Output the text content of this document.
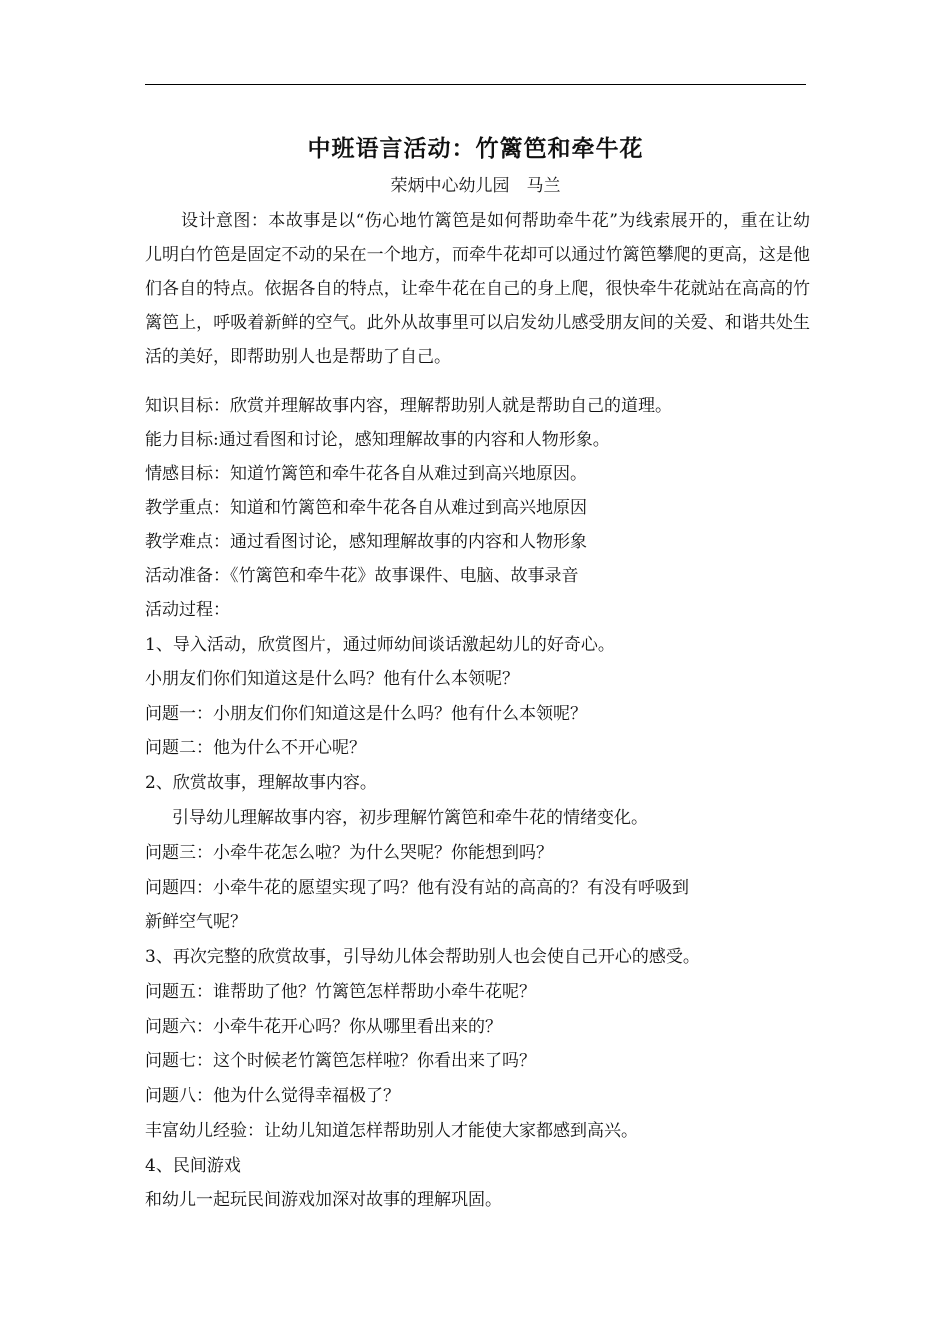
中班语言活动：竹篱笆和牵牛花

荣炳中心幼儿园　马兰

设计意图：本故事是以“伤心地竹篱笆是如何帮助牵牛花”为线索展开的，重在让幼儿明白竹笆是固定不动的呆在一个地方，而牵牛花却可以通过竹篱笆攀爬的更高，这是他们各自的特点。依据各自的特点，让牵牛花在自己的身上爬，很快牵牛花就站在高高的竹篱笆上，呼吸着新鲜的空气。此外从故事里可以启发幼儿感受朋友间的关爱、和谐共处生活的美好，即帮助别人也是帮助了自己。

知识目标：欣赏并理解故事内容，理解帮助别人就是帮助自己的道理。

能力目标:通过看图和讨论，感知理解故事的内容和人物形象。

情感目标：知道竹篱笆和牵牛花各自从难过到高兴地原因。

教学重点：知道和竹篱笆和牵牛花各自从难过到高兴地原因

教学难点：通过看图讨论，感知理解故事的内容和人物形象

活动准备：《竹篱笆和牵牛花》故事课件、电脑、故事录音

活动过程：

1、导入活动，欣赏图片，通过师幼间谈话激起幼儿的好奇心。

小朋友们你们知道这是什么吗？他有什么本领呢？

问题一：小朋友们你们知道这是什么吗？他有什么本领呢？

问题二：他为什么不开心呢？

2、欣赏故事，理解故事内容。

引导幼儿理解故事内容，初步理解竹篱笆和牵牛花的情绪变化。

问题三：小牵牛花怎么啦？为什么哭呢？你能想到吗？

问题四：小牵牛花的愿望实现了吗？他有没有站的高高的？有没有呼吸到

新鲜空气呢？

3、再次完整的欣赏故事，引导幼儿体会帮助别人也会使自己开心的感受。

问题五：谁帮助了他？竹篱笆怎样帮助小牵牛花呢？

问题六：小牵牛花开心吗？你从哪里看出来的？

问题七：这个时候老竹篱笆怎样啦？你看出来了吗？

问题八：他为什么觉得幸福极了？

丰富幼儿经验：让幼儿知道怎样帮助别人才能使大家都感到高兴。

4、民间游戏

和幼儿一起玩民间游戏加深对故事的理解巩固。
